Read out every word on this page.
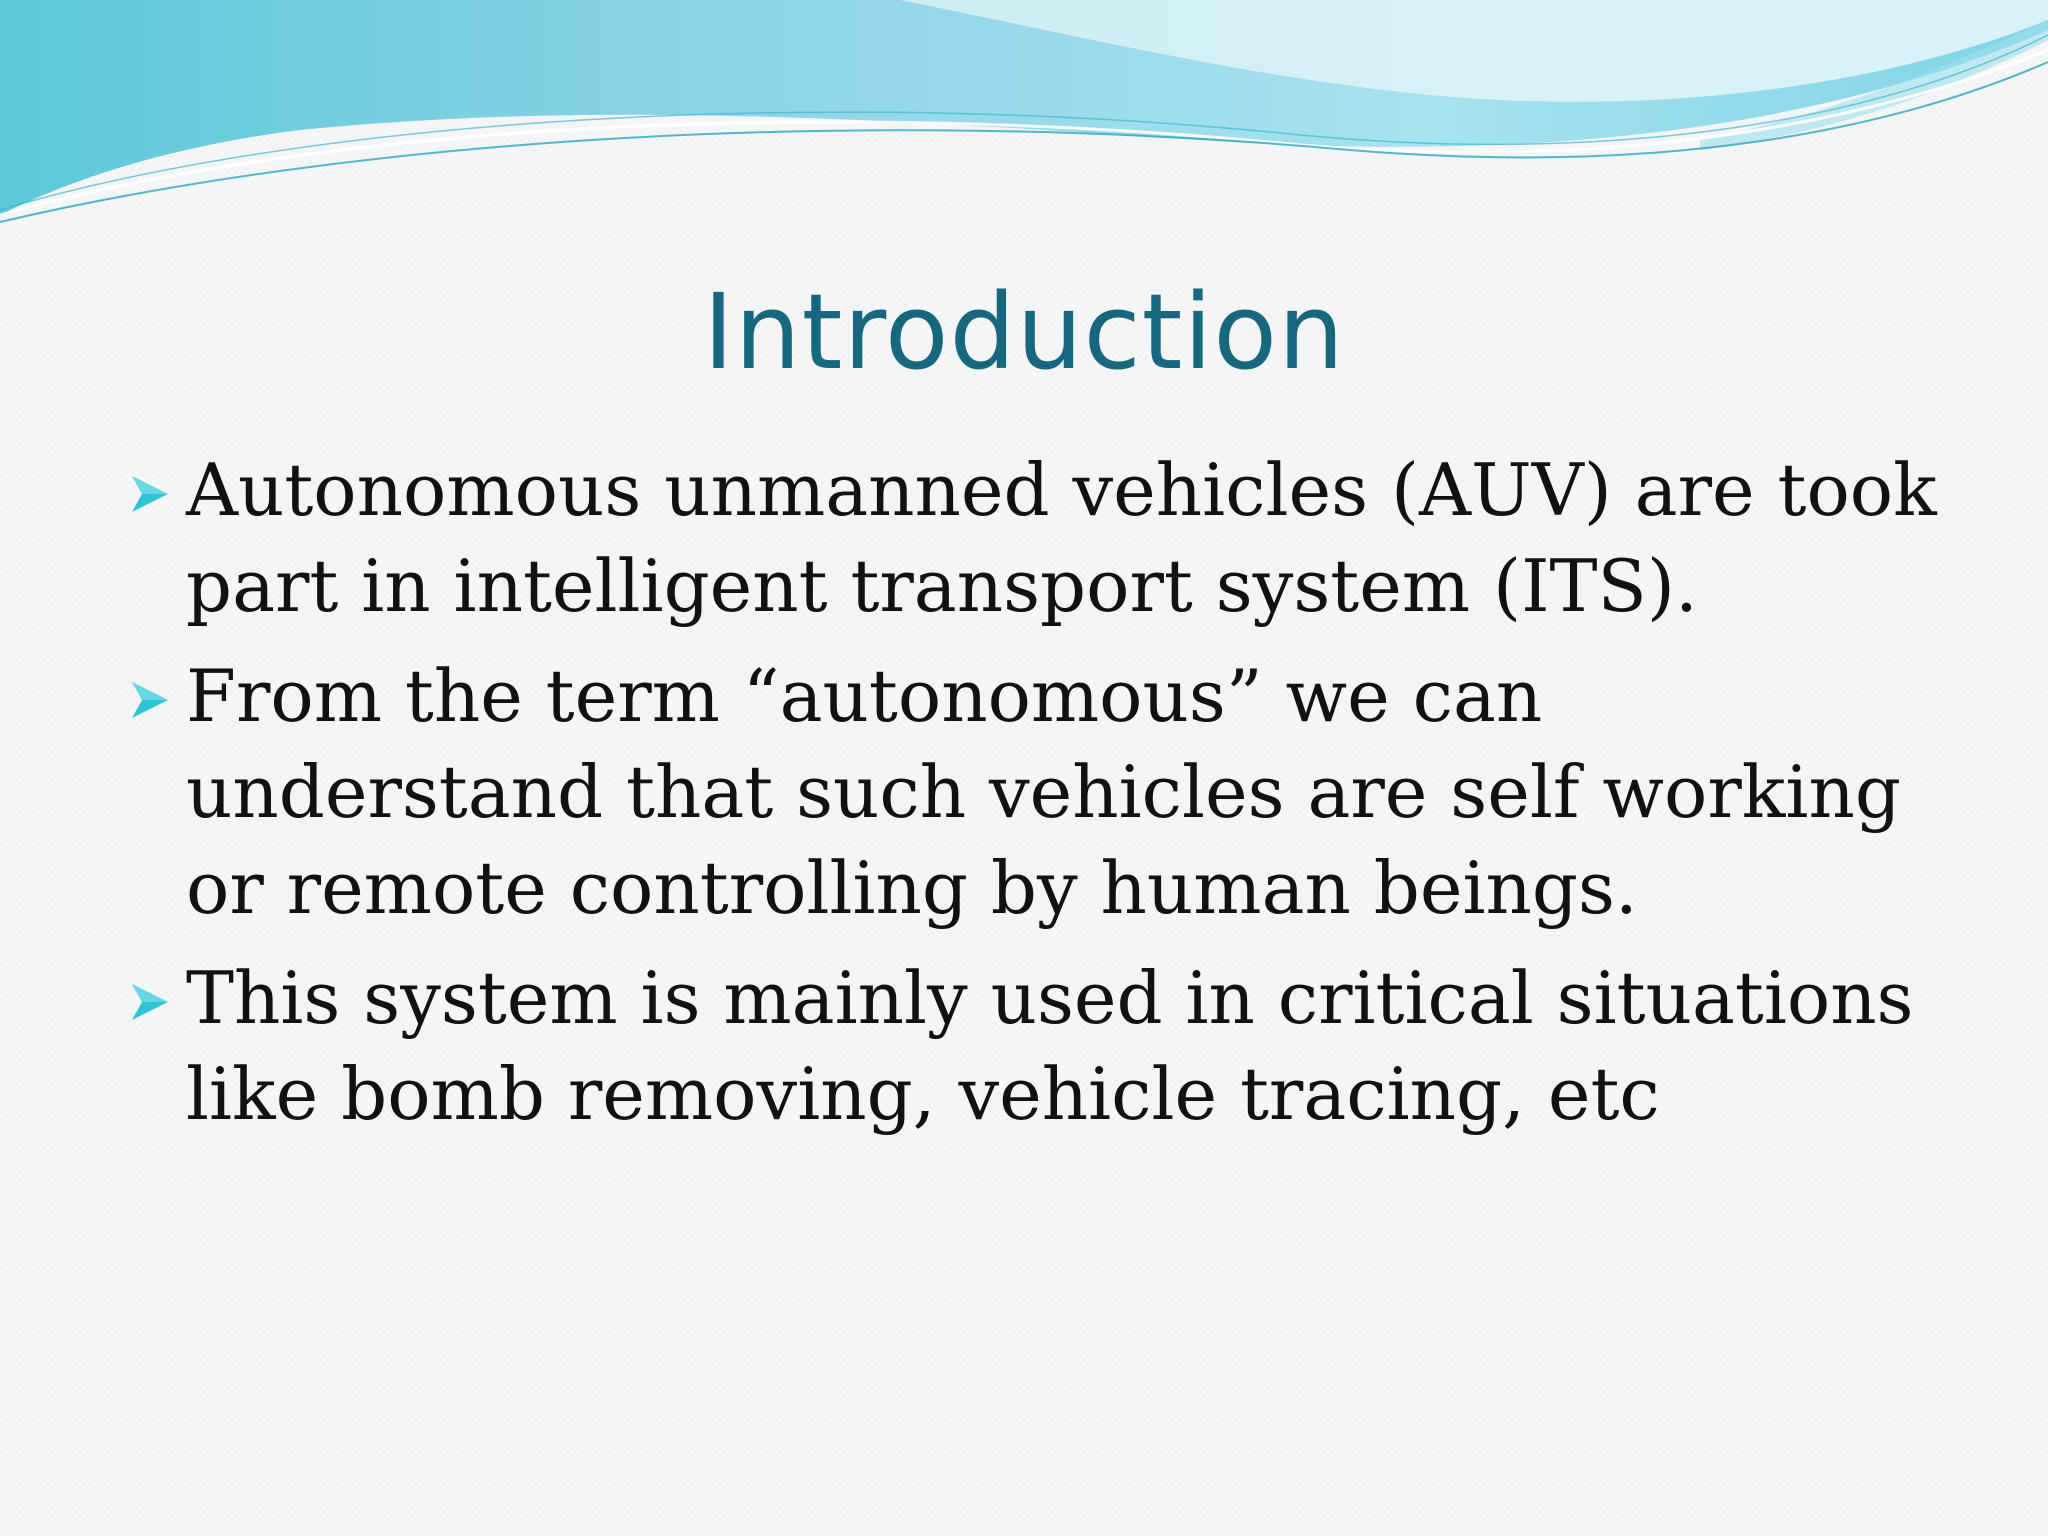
Introduction
Autonomous unmanned vehicles (AUV) are took part in intelligent transport system (ITS).
From the term “autonomous” we can understand that such vehicles are self working or remote controlling by human beings.
This system is mainly used in critical situations like bomb removing, vehicle tracing, etc
